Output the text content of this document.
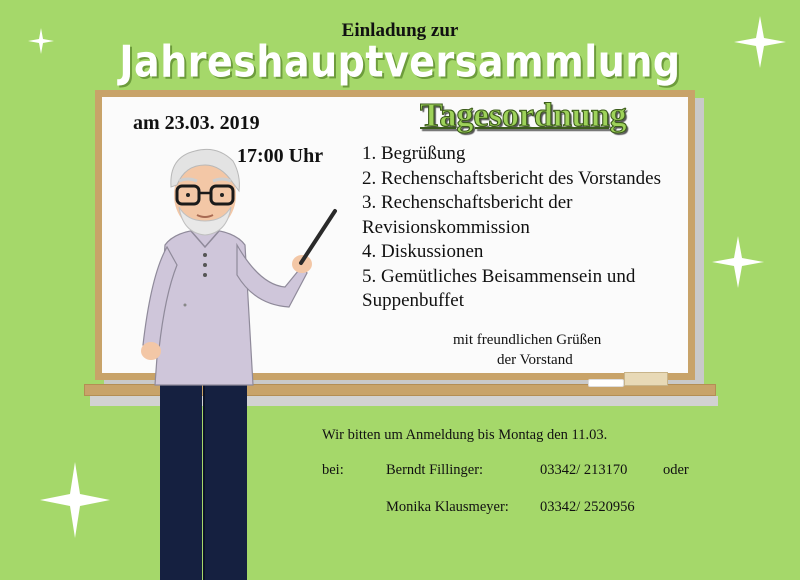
Einladung zur
Jahreshauptversammlung
am 23.03. 2019
17:00 Uhr
Tagesordnung
1. Begrüßung
2. Rechenschaftsbericht des Vorstandes
3. Rechenschaftsbericht der Revisionskommission
4. Diskussionen
5. Gemütliches Beisammensein und Suppenbuffet
mit freundlichen Grüßen
der Vorstand
Wir bitten um Anmeldung bis Montag den 11.03.
bei:	Berndt Fillinger:	03342/ 213170 oder
Monika Klausmeyer: 03342/ 2520956
